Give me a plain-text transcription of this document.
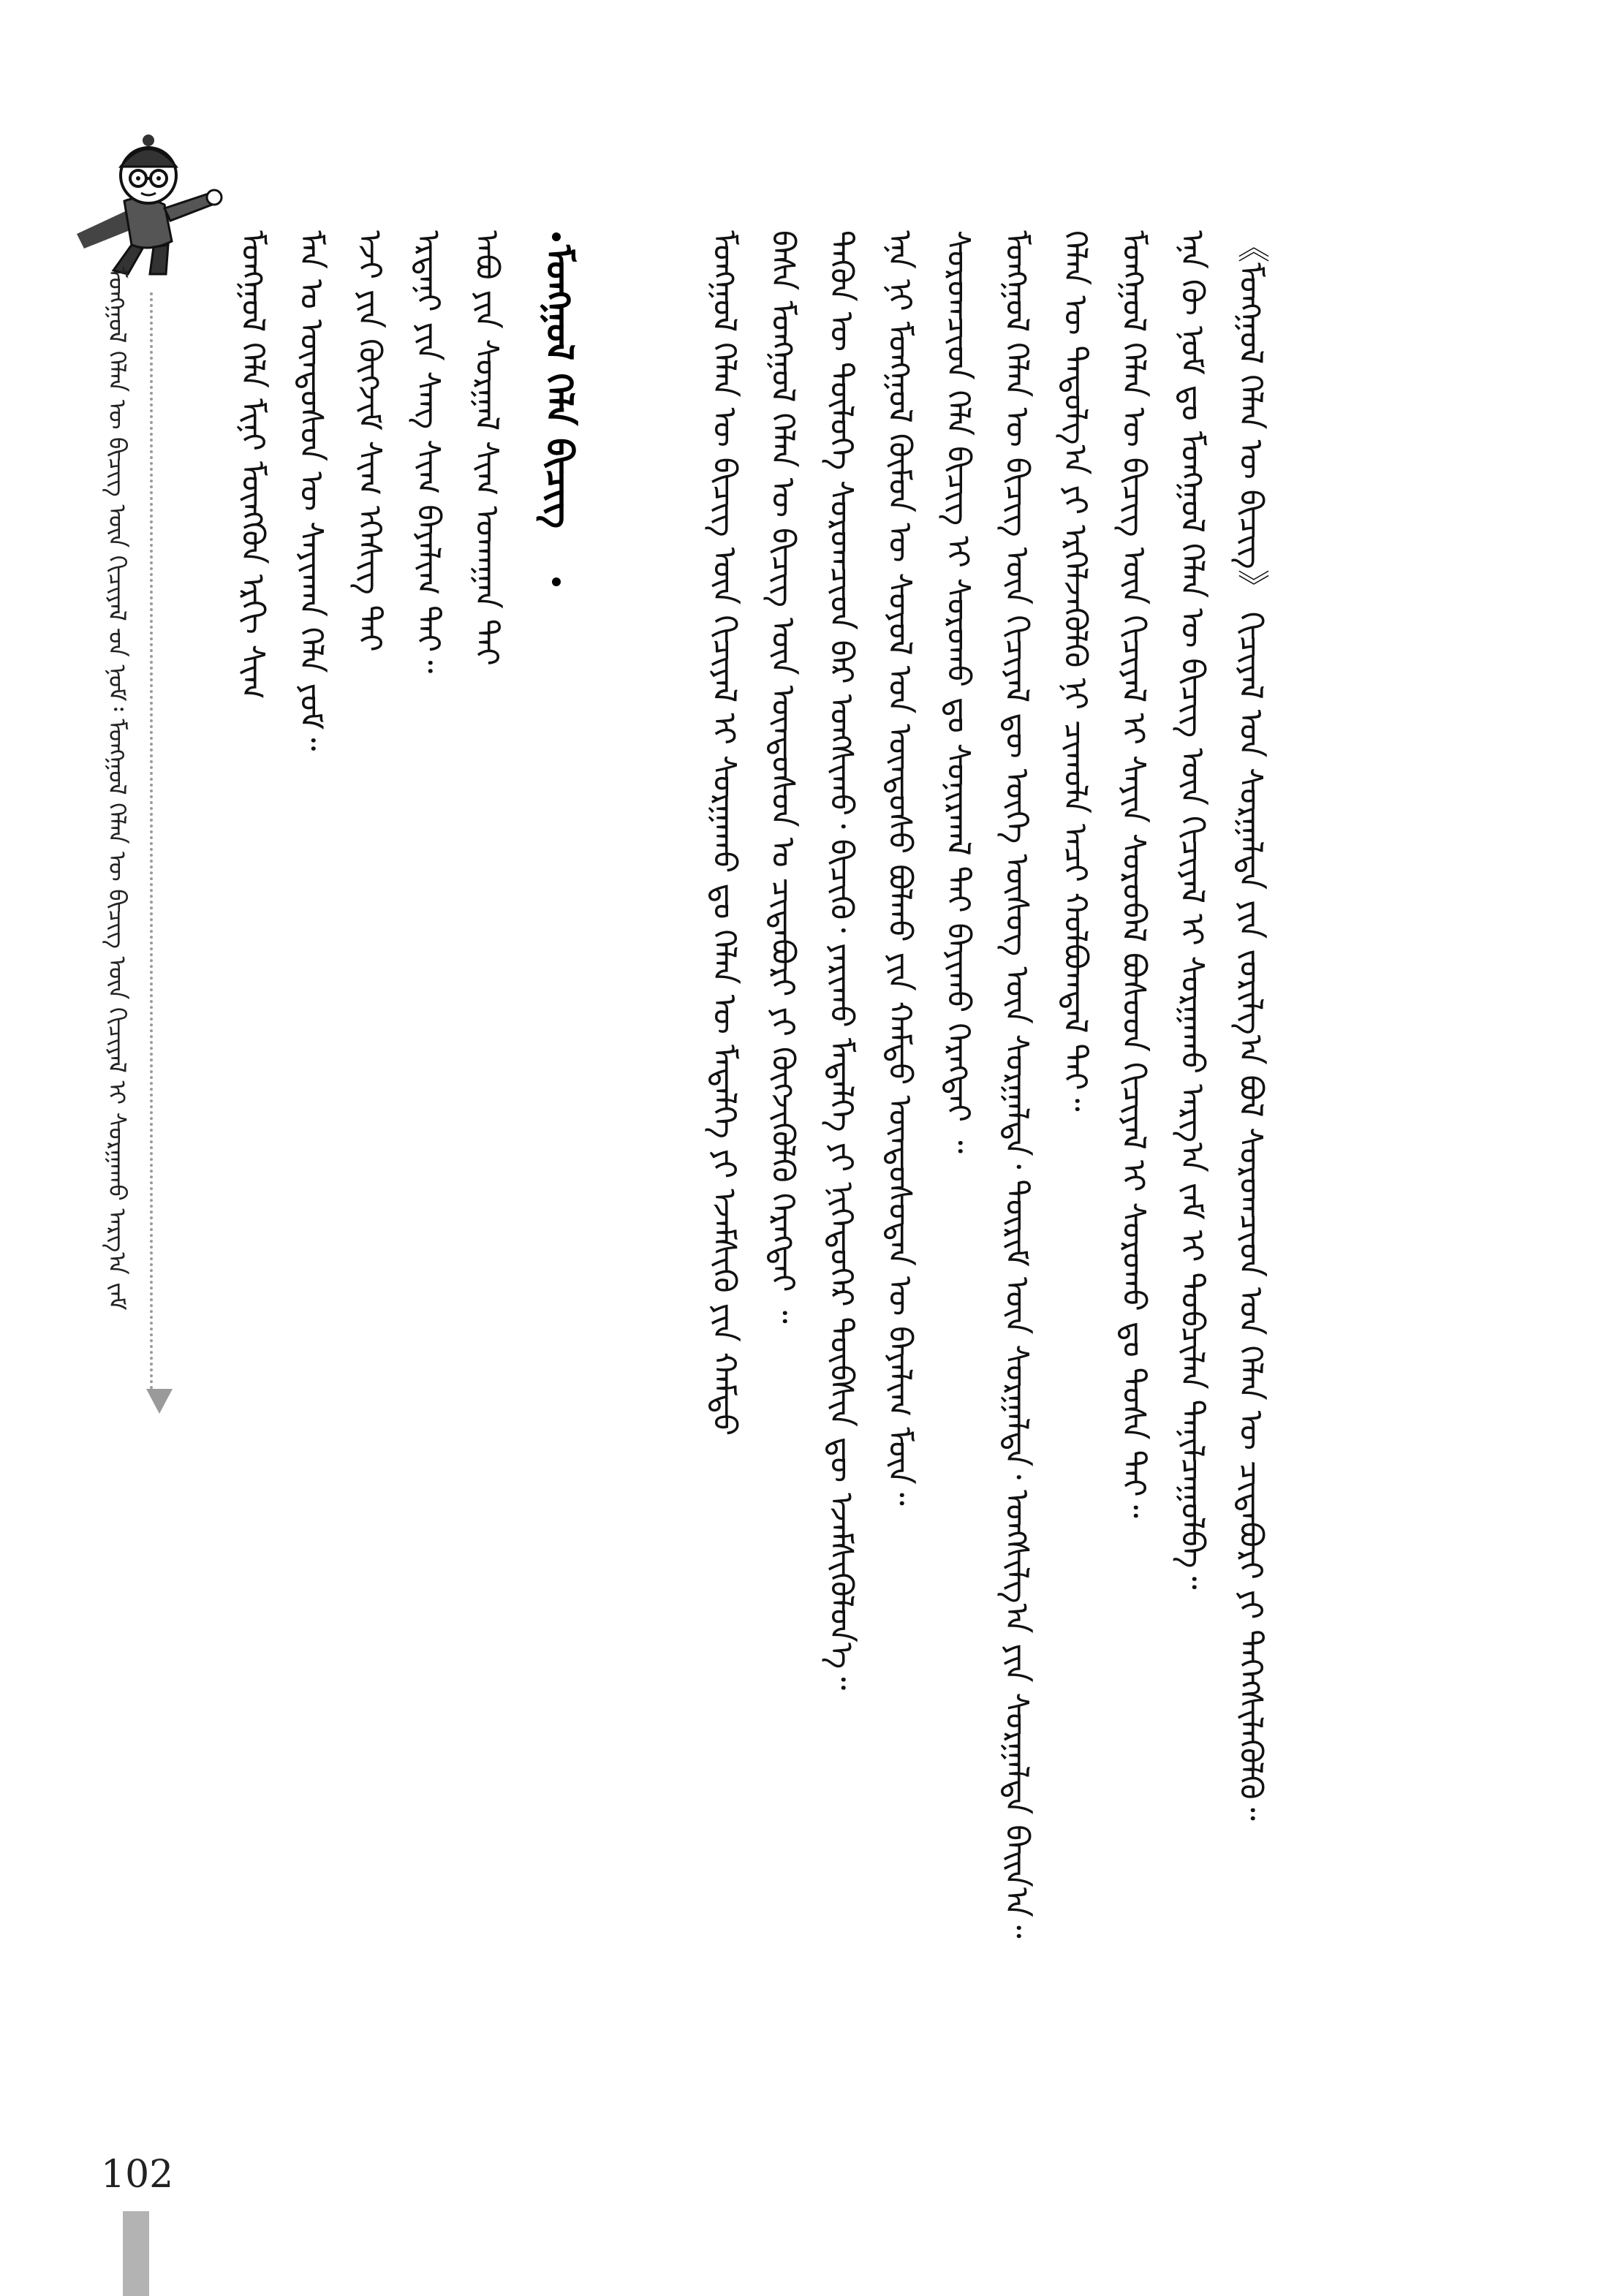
ᠮᠣᠩᠭᠣᠯ ᠬᠡᠯᠡᠨ ᠦ ᠪᠢᠴᠢᠭ᠌ ᠦᠨ ᠬᠢᠴᠢᠶᠡᠯ ᠊ᠤᠨ ᠨᠣᠮ᠄ ᠮᠣᠩᠭᠣᠯ ᠬᠡᠯᠡᠨ ᠦ ᠪᠢᠴᠢᠭ᠌ ᠦᠨ ᠬᠢᠴᠢᠶᠡᠯ ᠢ ᠰᠤᠷᠭᠠᠬᠤ ᠠᠷᠭ᠎ᠠ ᠵᠠᠮ	ᠮᠣᠩᠭᠣᠯ ᠬᠡᠯᠡ ᠮᠢᠨᠢ ᠮᠥᠩᠭᠥᠨ ᠡᠷᠬᠢ ᠰᠢᠭ᠋ ᠮᠠᠨ ᠤ ᠦᠨᠳᠦᠰᠦᠨ ᠦ ᠰᠠᠶᠢᠬᠠᠨ ᠬᠡᠯᠡ ᠶᠤᠮ᠃ ᠡᠵᠢ ᠶᠢᠨ ᠬᠥᠭᠵᠢᠮ ᠰᠢᠭ᠋ ᠡᠭᠡᠰᠢᠭ ᠲᠡᠢ ᠡᠷᠳᠡᠨᠢ ᠶᠢᠨ ᠰᠠᠩ ᠰᠢᠭ᠋ ᠪᠠᠶᠠᠯᠢᠭ ᠲᠠᠢ᠃ ᠠᠪᠤ ᠶᠢᠨ ᠰᠤᠷᠭᠠᠯ ᠰᠢᠭ᠋ ᠤᠬᠠᠭᠠᠨ ᠲᠠᠢ ᠮᠣᠩᠭᠣᠯ ᠬᠡᠯᠡ ᠪᠢᠴᠢᠭ᠌	ᠮᠣᠩᠭᠣᠯ ᠬᠡᠯᠡᠨ ᠦ ᠪᠢᠴᠢᠭ᠌ ᠦᠨ ᠬᠢᠴᠢᠶᠡᠯ ᠢ ᠰᠤᠷᠭᠠᠬᠤ ᠳᠤ ᠬᠡᠯᠡᠨ ᠦ ᠮᠡᠳᠡᠯᠭᠡ ᠶᠢ ᠡᠵᠡᠮᠰᠢᠬᠦ ᠶᠢᠨ ᠬᠠᠮᠲᠤ ᠪᠠᠰᠠ ᠮᠣᠩᠭᠣᠯ ᠬᠡᠯᠡᠨ ᠦ ᠪᠢᠴᠢᠭ᠌ ᠦᠨ ᠦᠨᠳᠦᠰᠦᠨ ᠤ ᠴᠢᠳᠠᠪᠤᠷᠢ ᠶᠢ ᠬᠥᠭᠵᠢᠭᠦᠯᠬᠦ ᠬᠡᠷᠡᠭᠲᠡᠢ ᠃ ᠲᠡᠭᠦᠨ ᠦ ᠲᠥᠯᠦᠭᠡ ᠰᠤᠷᠤᠭᠴᠢᠳ ᠪᠠᠷ ᠤᠩᠰᠢᠬᠤ᠂ ᠪᠢᠴᠢᠬᠦ᠂ ᠶᠠᠷᠢᠬᠤ ᠮᠡᠳᠡᠯᠭᠡ ᠶᠢ ᠨᠢᠭᠡᠳᠦᠭᠡᠷ ᠲᠦᠪᠰᠢᠨ ᠳᠦ ᠡᠵᠡᠮᠰᠢᠭᠦᠯᠦᠨ᠎ᠡ᠃ ᠡᠨᠡ ᠨᠢ ᠮᠣᠩᠭᠣᠯ ᠬᠦᠮᠦᠨ ᠦ ᠰᠣᠶᠤᠯ ᠤᠨ ᠦᠨᠳᠦᠰᠦ ᠪᠣᠯᠬᠤ ᠶᠢᠨ ᠬᠠᠮᠲᠤ ᠦᠨᠳᠦᠰᠦᠲᠡᠨ ᠦ ᠪᠠᠶᠠᠯᠢᠭ ᠮᠥᠨ᠃ ᠰᠤᠷᠤᠭᠴᠢᠳ ᠬᠡᠯᠡ ᠪᠢᠴᠢᠭ᠌ ᠢ ᠰᠤᠷᠤᠬᠤ ᠳᠤ ᠰᠣᠨᠢᠷᠬᠠᠯ ᠲᠠᠢ ᠪᠠᠶᠢᠬᠤ ᠬᠡᠷᠡᠭᠲᠡᠢ ᠃ ᠮᠣᠩᠭᠣᠯ ᠬᠡᠯᠡᠨ ᠦ ᠪᠢᠴᠢᠭ᠌ ᠦᠨ ᠬᠢᠴᠢᠶᠡᠯ ᠳᠦ ᠦᠭᠡ ᠦᠰᠦᠭ ᠦᠨ ᠰᠤᠷᠭᠠᠯᠲᠠ᠂ ᠳᠦᠷᠢᠮ ᠦᠨ ᠰᠤᠷᠭᠠᠯᠲᠠ᠂ ᠤᠩᠰᠢᠯᠭ᠎ᠠ ᠶᠢᠨ ᠰᠤᠷᠭᠠᠯᠲᠠ ᠪᠠᠢᠨ᠎ᠠ᠃ ᠬᠡᠯᠡᠨ ᠦ ᠳᠠᠳᠤᠯᠭ᠎ᠠ ᠶᠢ ᠡᠷᠭᠡᠯᠵᠡᠭᠦᠯᠬᠦ ᠨᠢ ᠴᠢᠬᠤᠯᠠ ᠠᠴᠢ ᠬᠣᠯᠪᠣᠭᠳᠠᠯ ᠲᠠᠢ᠃ ᠮᠣᠩᠭᠣᠯ ᠬᠡᠯᠡᠨ ᠦ ᠪᠢᠴᠢᠭ᠌ ᠦᠨ ᠬᠢᠴᠢᠶᠡᠯ ᠢ ᠰᠠᠶᠢᠨ ᠰᠤᠷᠤᠪᠠᠯ ᠪᠤᠰᠤᠳ ᠬᠢᠴᠢᠶᠡᠯ ᠢ ᠰᠤᠷᠤᠬᠤ ᠳᠤ ᠳᠤᠰᠠ ᠲᠠᠢ᠃ ᠡᠨᠡ ᠬᠦ ᠨᠤᠮ ᠳᠤ ᠮᠣᠩᠭᠣᠯ ᠬᠡᠯᠡᠨ ᠦ ᠪᠢᠴᠢᠭ᠌ ᠦᠨ ᠬᠢᠴᠢᠶᠡᠯ ᠢ ᠰᠤᠷᠭᠠᠬᠤ ᠠᠷᠭ᠎ᠠ ᠵᠠᠮ ᠢ ᠲᠣᠪᠴᠢᠯᠠᠨ ᠲᠠᠨᠢᠯᠴᠠᠭᠤᠯᠪᠠ᠃ 《ᠮᠣᠩᠭᠣᠯ ᠬᠡᠯᠡᠨ ᠦ ᠪᠢᠴᠢᠭ᠌》 ᠬᠢᠴᠢᠶᠡᠯ ᠤᠨ ᠰᠤᠷᠭᠠᠯᠲᠠ ᠶᠢᠨ ᠵᠣᠷᠢᠯᠭ᠎ᠠ ᠪᠣᠯ ᠰᠤᠷᠤᠭᠴᠢᠳ ᠤᠨ ᠬᠡᠯᠡᠨ ᠦ ᠴᠢᠳᠠᠪᠤᠷᠢ ᠶᠢ ᠳᠡᠭᠡᠭᠰᠢᠯᠡᠭᠦᠯᠬᠦ᠃
102
